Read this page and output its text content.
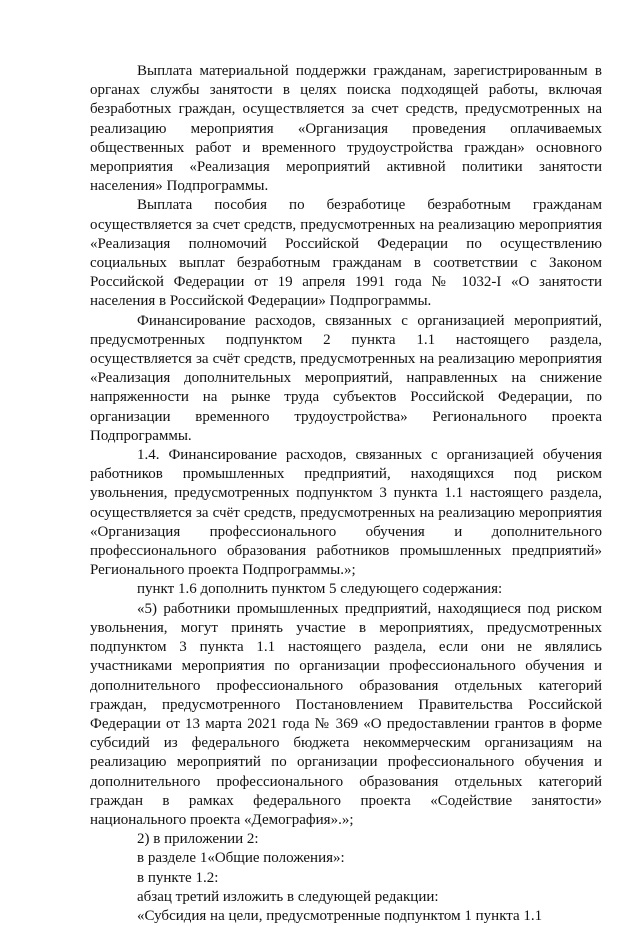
Выплата материальной поддержки гражданам, зарегистрированным в органах службы занятости в целях поиска подходящей работы, включая безработных граждан, осуществляется за счет средств, предусмотренных на реализацию мероприятия «Организация проведения оплачиваемых общественных работ и временного трудоустройства граждан» основного мероприятия «Реализация мероприятий активной политики занятости населения» Подпрограммы.

Выплата пособия по безработице безработным гражданам осуществляется за счет средств, предусмотренных на реализацию мероприятия «Реализация полномочий Российской Федерации по осуществлению социальных выплат безработным гражданам в соответствии с Законом Российской Федерации от 19 апреля 1991 года № 1032-I «О занятости населения в Российской Федерации» Подпрограммы.

Финансирование расходов, связанных с организацией мероприятий, предусмотренных подпунктом 2 пункта 1.1 настоящего раздела, осуществляется за счёт средств, предусмотренных на реализацию мероприятия «Реализация дополнительных мероприятий, направленных на снижение напряженности на рынке труда субъектов Российской Федерации, по организации временного трудоустройства» Регионального проекта Подпрограммы.

1.4. Финансирование расходов, связанных с организацией обучения работников промышленных предприятий, находящихся под риском увольнения, предусмотренных подпунктом 3 пункта 1.1 настоящего раздела, осуществляется за счёт средств, предусмотренных на реализацию мероприятия «Организация профессионального обучения и дополнительного профессионального образования работников промышленных предприятий» Регионального проекта Подпрограммы.»;

пункт 1.6 дополнить пунктом 5 следующего содержания:

«5) работники промышленных предприятий, находящиеся под риском увольнения, могут принять участие в мероприятиях, предусмотренных подпунктом 3 пункта 1.1 настоящего раздела, если они не являлись участниками мероприятия по организации профессионального обучения и дополнительного профессионального образования отдельных категорий граждан, предусмотренного Постановлением Правительства Российской Федерации от 13 марта 2021 года № 369 «О предоставлении грантов в форме субсидий из федерального бюджета некоммерческим организациям на реализацию мероприятий по организации профессионального обучения и дополнительного профессионального образования отдельных категорий граждан в рамках федерального проекта «Содействие занятости» национального проекта «Демография».»;

2) в приложении 2:

в разделе 1«Общие положения»:

в пункте 1.2:

абзац третий изложить в следующей редакции:

«Субсидия на цели, предусмотренные подпунктом 1 пункта 1.1
